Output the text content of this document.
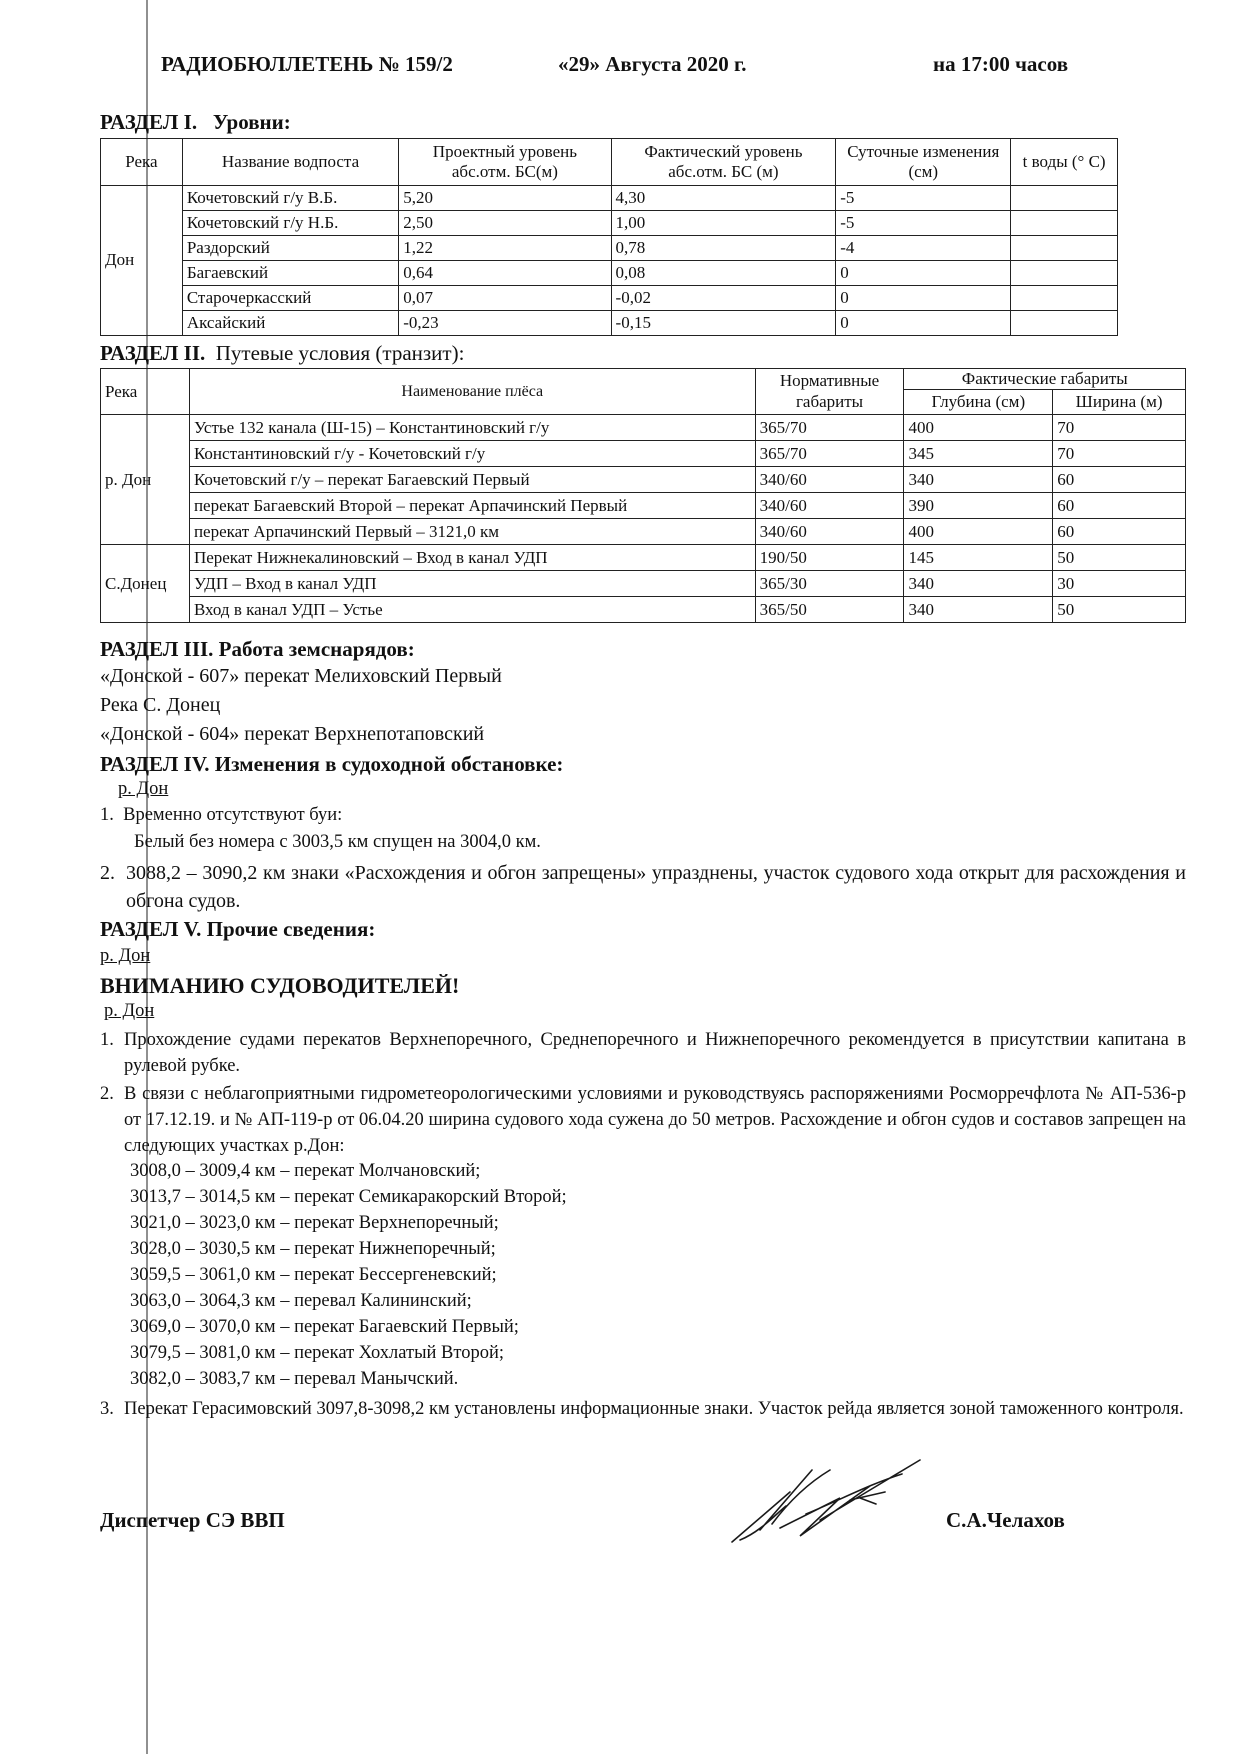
РАДИОБЮЛЛЕТЕНЬ № 159/2	«29» Августа 2020 г.	на 17:00 часов
РАЗДЕЛ I. Уровни:
Река	Название водпоста	Проектный уровень абс.отм. БС(м)	Фактический уровень абс.отм. БС (м)	Суточные изменения (см)	t воды (° С)
Дон	Кочетовский г/у В.Б.	5,20	4,30	-5	
	Кочетовский г/у Н.Б.	2,50	1,00	-5	
	Раздорский	1,22	0,78	-4	
	Багаевский	0,64	0,08	0	
	Старочеркасский	0,07	-0,02	0	
	Аксайский	-0,23	-0,15	0	
РАЗДЕЛ II. Путевые условия (транзит):
Река	Наименование плёса	Нормативные габариты	Фактические габариты	
			Глубина (см)	Ширина (м)
р. Дон	Устье 132 канала (Ш-15) – Константиновский г/у	365/70	400	70
	Константиновский г/у - Кочетовский г/у	365/70	345	70
	Кочетовский г/у – перекат Багаевский Первый	340/60	340	60
	перекат Багаевский Второй – перекат Арпачинский Первый	340/60	390	60
	перекат Арпачинский Первый – 3121,0 км	340/60	400	60
С.Донец	Перекат Нижнекалиновский – Вход в канал УДП	190/50	145	50
	УДП – Вход в канал УДП	365/30	340	30
	Вход в канал УДП – Устье	365/50	340	50
РАЗДЕЛ III. Работа земснарядов:
«Донской - 607» перекат Мелиховский Первый
Река С. Донец
«Донской - 604» перекат Верхнепотаповский
РАЗДЕЛ IV. Изменения в судоходной обстановке:
р. Дон
1.  Временно отсутствуют буи:
Белый без номера с 3003,5 км спущен на 3004,0 км.
2. 3088,2 – 3090,2 км знаки «Расхождения и обгон запрещены» упразднены, участок судового хода открыт для расхождения и обгона судов.
РАЗДЕЛ V. Прочие сведения:
р. Дон
ВНИМАНИЮ СУДОВОДИТЕЛЕЙ!
р. Дон
1. Прохождение судами перекатов Верхнепоречного, Среднепоречного и Нижнепоречного рекомендуется в присутствии капитана в рулевой рубке.
2. В связи с неблагоприятными гидрометеорологическими условиями и руководствуясь распоряжениями Росморречфлота № АП-536-р от 17.12.19. и № АП-119-р от 06.04.20 ширина судового хода сужена до 50 метров. Расхождение и обгон судов и составов запрещен на следующих участках р.Дон:
3008,0 – 3009,4 км – перекат Молчановский;
3013,7 – 3014,5 км – перекат Семикаракорский Второй;
3021,0 – 3023,0 км – перекат Верхнепоречный;
3028,0 – 3030,5 км – перекат Нижнепоречный;
3059,5 – 3061,0 км – перекат Бессергеневский;
3063,0 – 3064,3 км – перевал Калининский;
3069,0 – 3070,0 км – перекат Багаевский Первый;
3079,5 – 3081,0 км – перекат Хохлатый Второй;
3082,0 – 3083,7 км – перевал Манычский.
3. Перекат Герасимовский 3097,8-3098,2 км установлены информационные знаки. Участок рейда является зоной таможенного контроля.
Диспетчер СЭ ВВП	С.А.Челахов
